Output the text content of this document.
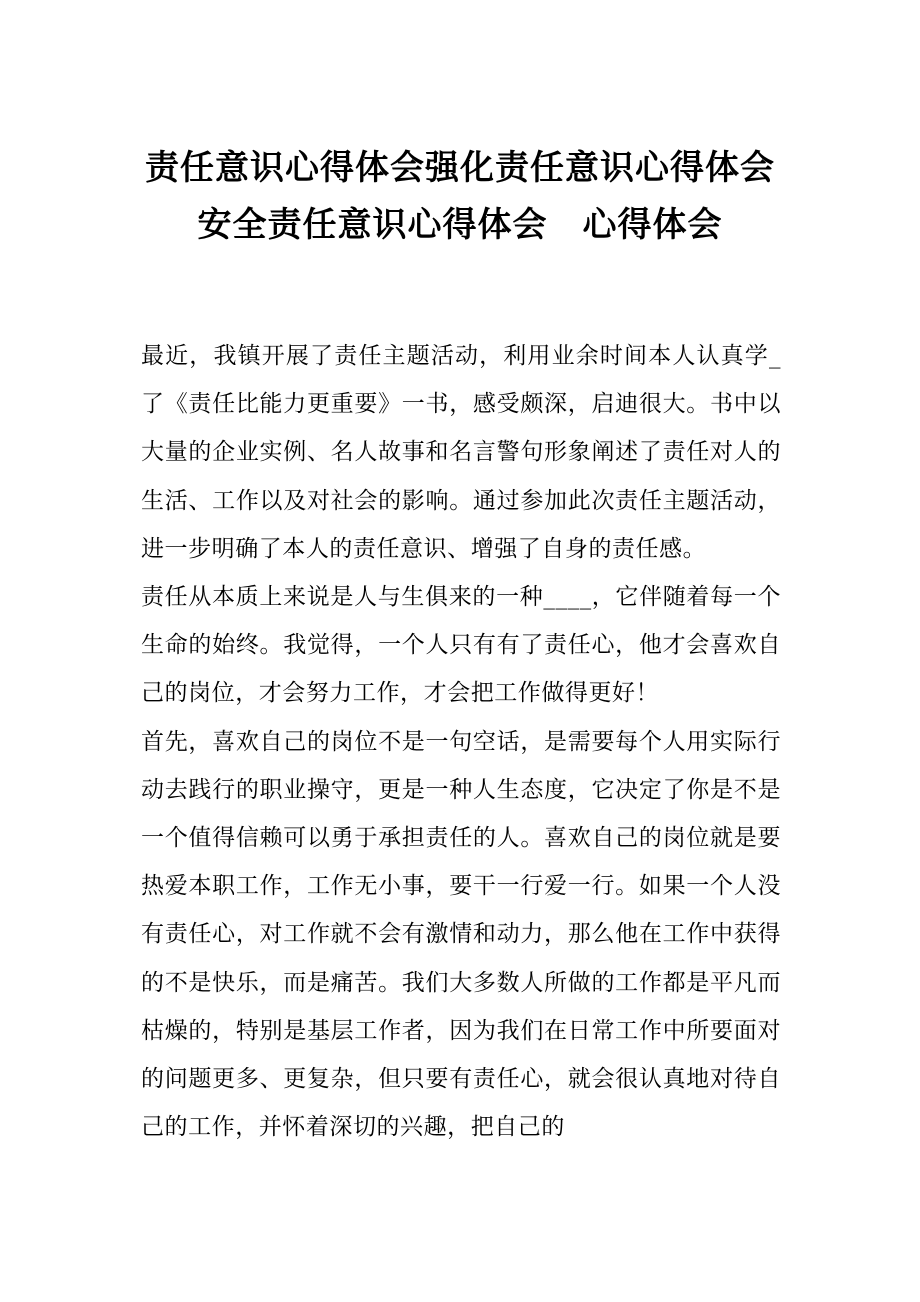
责任意识心得体会强化责任意识心得体会
安全责任意识心得体会　心得体会

最近，我镇开展了责任主题活动，利用业余时间本人认真学_了《责任比能力更重要》一书，感受颇深，启迪很大。书中以大量的企业实例、名人故事和名言警句形象阐述了责任对人的生活、工作以及对社会的影响。通过参加此次责任主题活动，进一步明确了本人的责任意识、增强了自身的责任感。

责任从本质上来说是人与生俱来的一种____，它伴随着每一个生命的始终。我觉得，一个人只有有了责任心，他才会喜欢自己的岗位，才会努力工作，才会把工作做得更好！

首先，喜欢自己的岗位不是一句空话，是需要每个人用实际行动去践行的职业操守，更是一种人生态度，它决定了你是不是一个值得信赖可以勇于承担责任的人。喜欢自己的岗位就是要热爱本职工作，工作无小事，要干一行爱一行。如果一个人没有责任心，对工作就不会有激情和动力，那么他在工作中获得的不是快乐，而是痛苦。我们大多数人所做的工作都是平凡而枯燥的，特别是基层工作者，因为我们在日常工作中所要面对的问题更多、更复杂，但只要有责任心，就会很认真地对待自己的工作，并怀着深切的兴趣，把自己的
